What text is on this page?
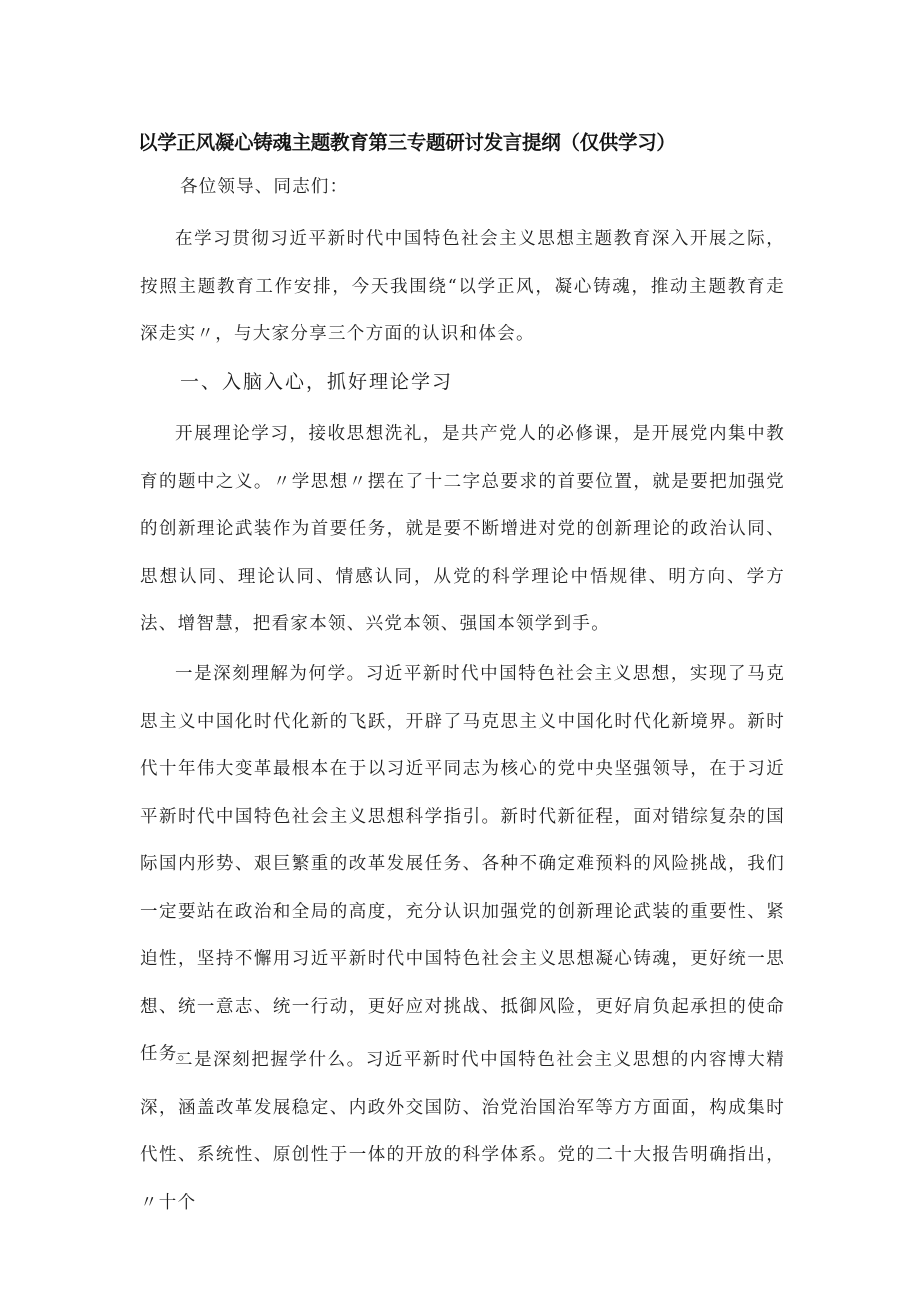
以学正风凝心铸魂主题教育第三专题研讨发言提纲（仅供学习）
各位领导、同志们：

在学习贯彻习近平新时代中国特色社会主义思想主题教育深入开展之际，按照主题教育工作安排，今天我围绕“以学正风，凝心铸魂，推动主题教育走深走实〃，与大家分享三个方面的认识和体会。

一、入脑入心，抓好理论学习

开展理论学习，接收思想洗礼，是共产党人的必修课，是开展党内集中教育的题中之义。〃学思想〃摆在了十二字总要求的首要位置，就是要把加强党的创新理论武装作为首要任务，就是要不断增进对党的创新理论的政治认同、思想认同、理论认同、情感认同，从党的科学理论中悟规律、明方向、学方法、增智慧，把看家本领、兴党本领、强国本领学到手。

一是深刻理解为何学。习近平新时代中国特色社会主义思想，实现了马克思主义中国化时代化新的飞跃，开辟了马克思主义中国化时代化新境界。新时代十年伟大变革最根本在于以习近平同志为核心的党中央坚强领导，在于习近平新时代中国特色社会主义思想科学指引。新时代新征程，面对错综复杂的国际国内形势、艰巨繁重的改革发展任务、各种不确定难预料的风险挑战，我们一定要站在政治和全局的高度，充分认识加强党的创新理论武装的重要性、紧迫性，坚持不懈用习近平新时代中国特色社会主义思想凝心铸魂，更好统一思想、统一意志、统一行动，更好应对挑战、抵御风险，更好肩负起承担的使命任务。

二是深刻把握学什么。习近平新时代中国特色社会主义思想的内容博大精深，涵盖改革发展稳定、内政外交国防、治党治国治军等方方面面，构成集时代性、系统性、原创性于一体的开放的科学体系。党的二十大报告明确指出，〃十个
